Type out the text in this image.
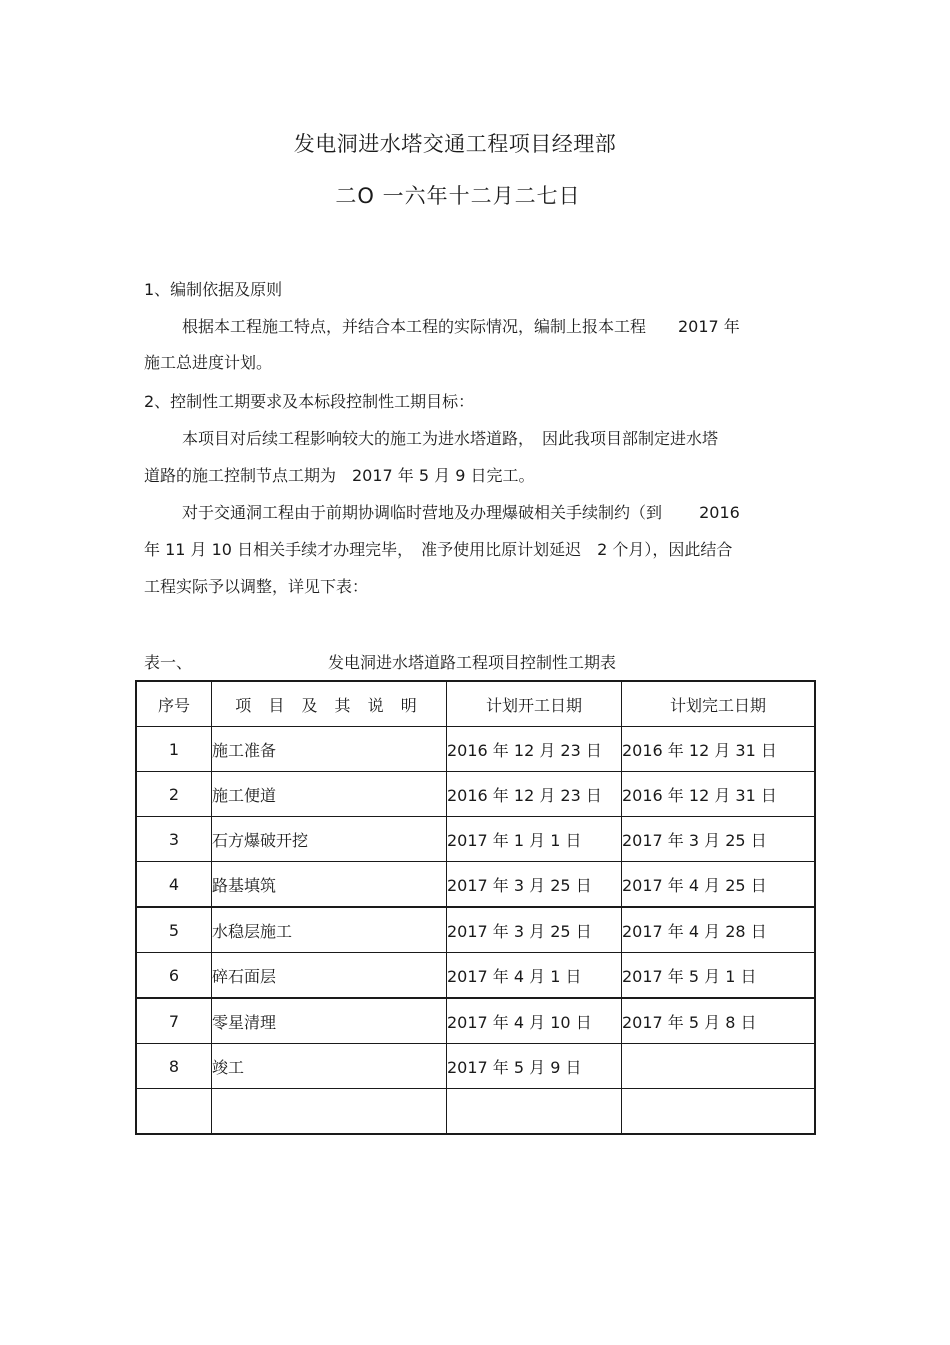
发电洞进水塔交通工程项目经理部
二O 一六年十二月二七日
1、编制依据及原则
根据本工程施工特点，并结合本工程的实际情况，编制上报本工程　　2017 年
施工总进度计划。
2、控制性工期要求及本标段控制性工期目标：
本项目对后续工程影响较大的施工为进水塔道路，　因此我项目部制定进水塔
道路的施工控制节点工期为　2017 年 5 月 9 日完工。
对于交通洞工程由于前期协调临时营地及办理爆破相关手续制约（到　　 2016
年 11 月 10 日相关手续才办理完毕，　准予使用比原计划延迟　2 个月），因此结合
工程实际予以调整，详见下表：
表一、	发电洞进水塔道路工程项目控制性工期表
序号	项 目 及 其 说 明	计划开工日期	计划完工日期
1	施工准备	2016 年 12 月 23 日	2016 年 12 月 31 日
2	施工便道	2016 年 12 月 23 日	2016 年 12 月 31 日
3	石方爆破开挖	2017 年 1 月 1 日	2017 年 3 月 25 日
4	路基填筑	2017 年 3 月 25 日	2017 年 4 月 25 日
5	水稳层施工	2017 年 3 月 25 日	2017 年 4 月 28 日
6	碎石面层	2017 年 4 月 1 日	2017 年 5 月 1 日
7	零星清理	2017 年 4 月 10 日	2017 年 5 月 8 日
8	竣工	2017 年 5 月 9 日	
